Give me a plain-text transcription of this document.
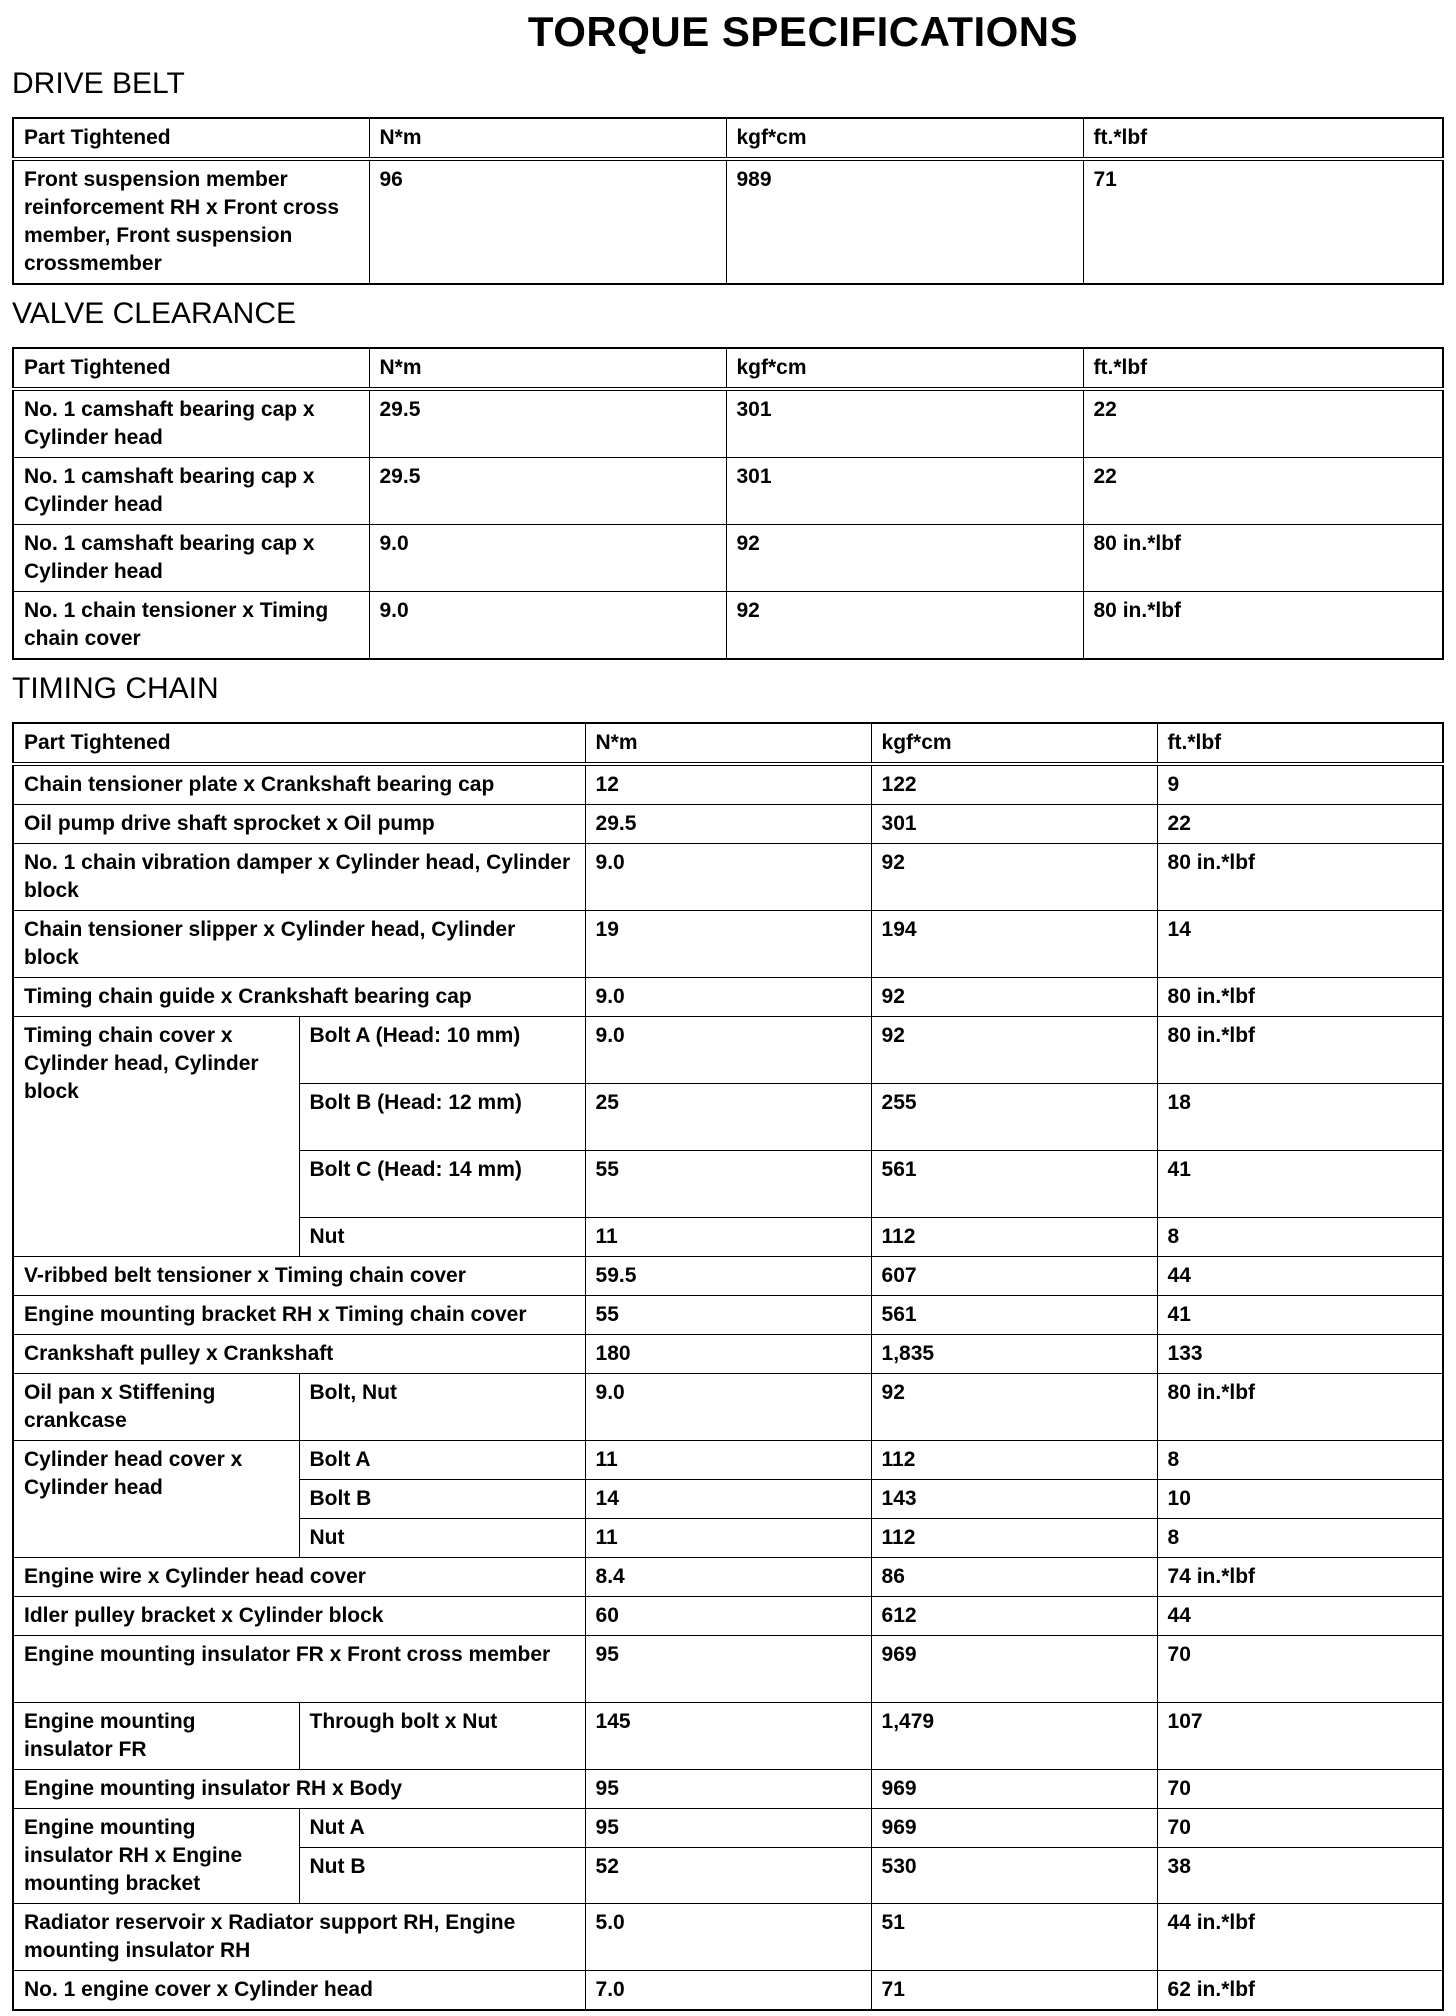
TORQUE SPECIFICATIONS
DRIVE BELT
Part Tightened	N*m	kgf*cm	ft.*lbf
Front suspension member reinforcement RH x Front cross member, Front suspension crossmember	96	989	71
VALVE CLEARANCE
Part Tightened	N*m	kgf*cm	ft.*lbf
No. 1 camshaft bearing cap x Cylinder head	29.5	301	22
No. 1 camshaft bearing cap x Cylinder head	29.5	301	22
No. 1 camshaft bearing cap x Cylinder head	9.0	92	80 in.*lbf
No. 1 chain tensioner x Timing chain cover	9.0	92	80 in.*lbf
TIMING CHAIN
Part Tightened		N*m	kgf*cm	ft.*lbf
Chain tensioner plate x Crankshaft bearing cap		12	122	9
Oil pump drive shaft sprocket x Oil pump		29.5	301	22
No. 1 chain vibration damper x Cylinder head, Cylinder block		9.0	92	80 in.*lbf
Chain tensioner slipper x Cylinder head, Cylinder block		19	194	14
Timing chain guide x Crankshaft bearing cap		9.0	92	80 in.*lbf
Timing chain cover x Cylinder head, Cylinder block	Bolt A (Head: 10 mm)	9.0	92	80 in.*lbf
	Bolt B (Head: 12 mm)	25	255	18
	Bolt C (Head: 14 mm)	55	561	41
	Nut	11	112	8
V-ribbed belt tensioner x Timing chain cover		59.5	607	44
Engine mounting bracket RH x Timing chain cover		55	561	41
Crankshaft pulley x Crankshaft		180	1,835	133
Oil pan x Stiffening crankcase	Bolt, Nut	9.0	92	80 in.*lbf
Cylinder head cover x Cylinder head	Bolt A	11	112	8
	Bolt B	14	143	10
	Nut	11	112	8
Engine wire x Cylinder head cover		8.4	86	74 in.*lbf
Idler pulley bracket x Cylinder block		60	612	44
Engine mounting insulator FR x Front cross member		95	969	70
Engine mounting insulator FR	Through bolt x Nut	145	1,479	107
Engine mounting insulator RH x Body		95	969	70
Engine mounting insulator RH x Engine mounting bracket	Nut A	95	969	70
	Nut B	52	530	38
Radiator reservoir x Radiator support RH, Engine mounting insulator RH		5.0	51	44 in.*lbf
No. 1 engine cover x Cylinder head		7.0	71	62 in.*lbf
